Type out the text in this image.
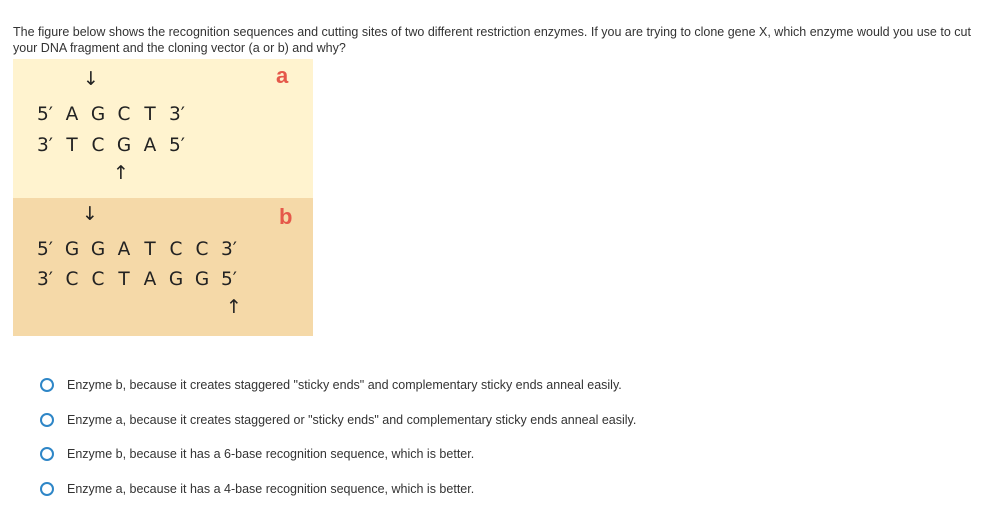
The figure below shows the recognition sequences and cutting sites of two different restriction enzymes. If you are trying to clone gene X, which enzyme would you use to cut your DNA fragment and the cloning vector (a or b) and why?
a
↓
5′ A G C T 3′
3′ T C G A 5′
↑
b
↓
5′ G G A T C C 3′
3′ C C T A G G 5′
↑
Enzyme b, because it creates staggered "sticky ends" and complementary sticky ends anneal easily.
Enzyme a, because it creates staggered or "sticky ends" and complementary sticky ends anneal easily.
Enzyme b, because it has a 6-base recognition sequence, which is better.
Enzyme a, because it has a 4-base recognition sequence, which is better.
